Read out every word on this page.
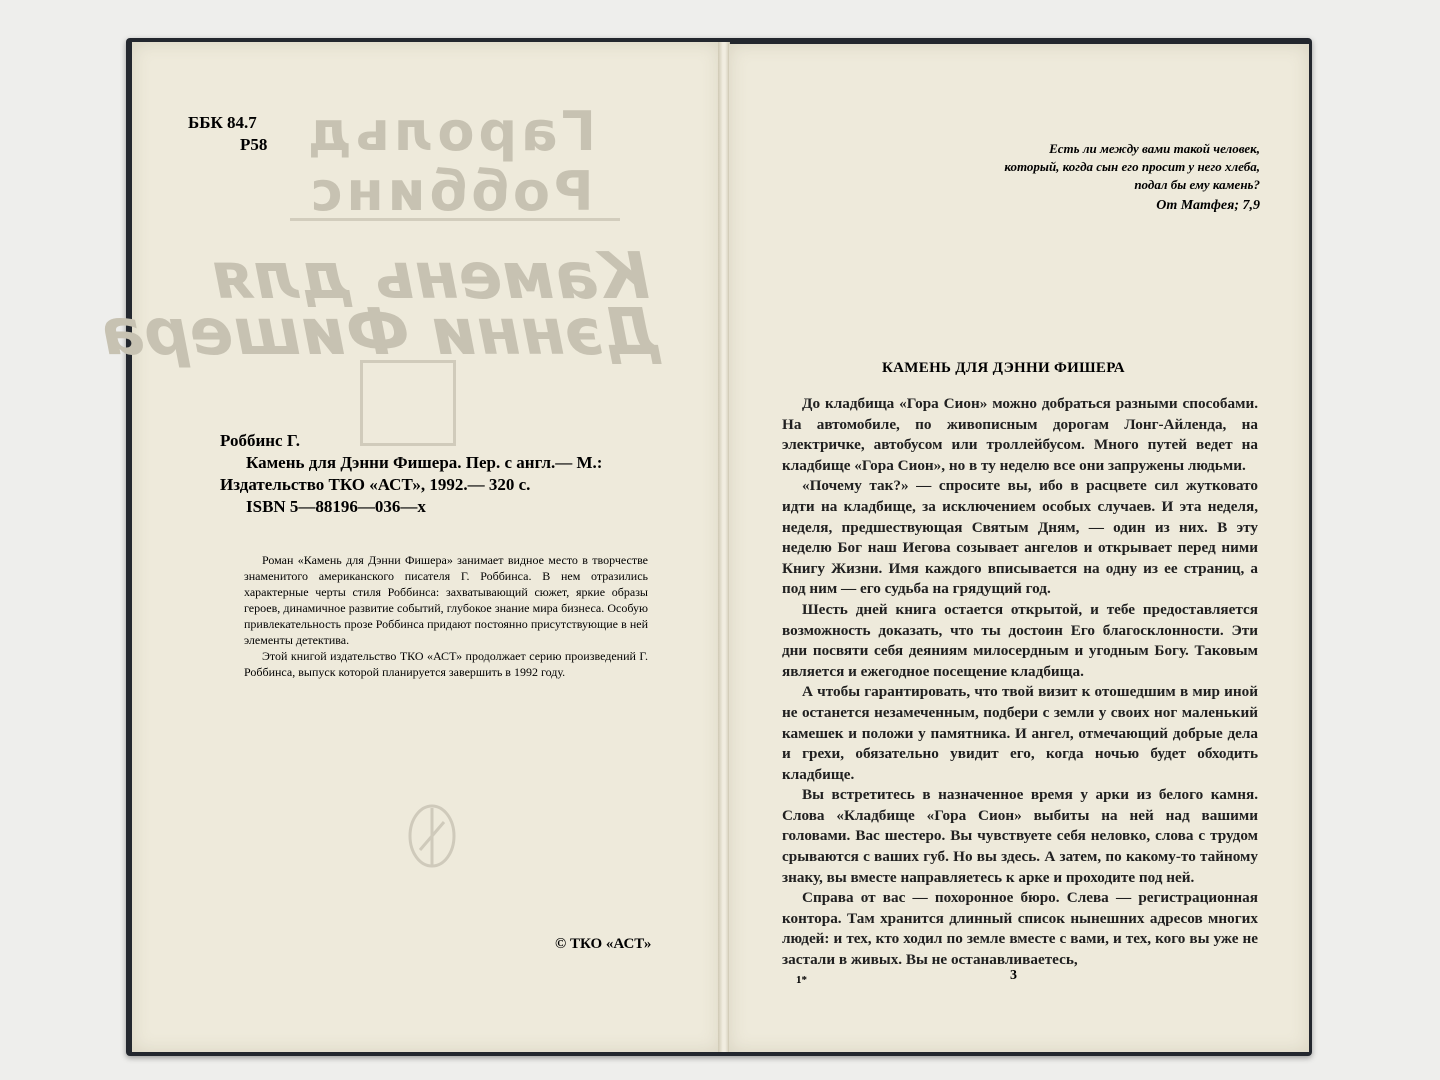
ББК 84.7
Р58 Гарольд
Роббинс
Камень для
Дэнни Фишера
Роббинс Г.
Камень для Дэнни Фишера. Пер. с англ.— М.:
Издательство ТКО «АСТ», 1992.— 320 с.
ISBN 5—88196—036—x

Роман «Камень для Дэнни Фишера» занимает видное место в творчестве знаменитого американского писателя Г. Роббинса. В нем отразились характерные черты стиля Роббинса: захватывающий сюжет, яркие образы героев, динамичное развитие событий, глубокое знание мира бизнеса. Особую привлекательность прозе Роббинса придают постоянно присутствующие в ней элементы детектива.

Этой книгой издательство ТКО «АСТ» продолжает серию произведений Г. Роббинса, выпуск которой планируется завершить в 1992 году.

© ТКО «АСТ»
Есть ли между вами такой человек, который, когда сын его просит у него хлеба, подал бы ему камень?
От Матфея; 7,9
КАМЕНЬ ДЛЯ ДЭННИ ФИШЕРА

До кладбища «Гора Сион» можно добраться разными способами. На автомобиле, по живописным дорогам Лонг-Айленда, на электричке, автобусом или троллейбусом. Много путей ведет на кладбище «Гора Сион», но в ту неделю все они запружены людьми.

«Почему так?» — спросите вы, ибо в расцвете сил жутковато идти на кладбище, за исключением особых случаев. И эта неделя, неделя, предшествующая Святым Дням, — один из них. В эту неделю Бог наш Иегова созывает ангелов и открывает перед ними Книгу Жизни. Имя каждого вписывается на одну из ее страниц, а под ним — его судьба на грядущий год.

Шесть дней книга остается открытой, и тебе предоставляется возможность доказать, что ты достоин Его благосклонности. Эти дни посвяти себя деяниям милосердным и угодным Богу. Таковым является и ежегодное посещение кладбища.

А чтобы гарантировать, что твой визит к отошедшим в мир иной не останется незамеченным, подбери с земли у своих ног маленький камешек и положи у памятника. И ангел, отмечающий добрые дела и грехи, обязательно увидит его, когда ночью будет обходить кладбище.

Вы встретитесь в назначенное время у арки из белого камня. Слова «Кладбище «Гора Сион» выбиты на ней над вашими головами. Вас шестеро. Вы чувствуете себя неловко, слова с трудом срываются с ваших губ. Но вы здесь. А затем, по какому-то тайному знаку, вы вместе направляетесь к арке и проходите под ней.

Справа от вас — похоронное бюро. Слева — регистрационная контора. Там хранится длинный список нынешних адресов многих людей: и тех, кто ходил по земле вместе с вами, и тех, кого вы уже не застали в живых. Вы не останавливаетесь,

1*	3
